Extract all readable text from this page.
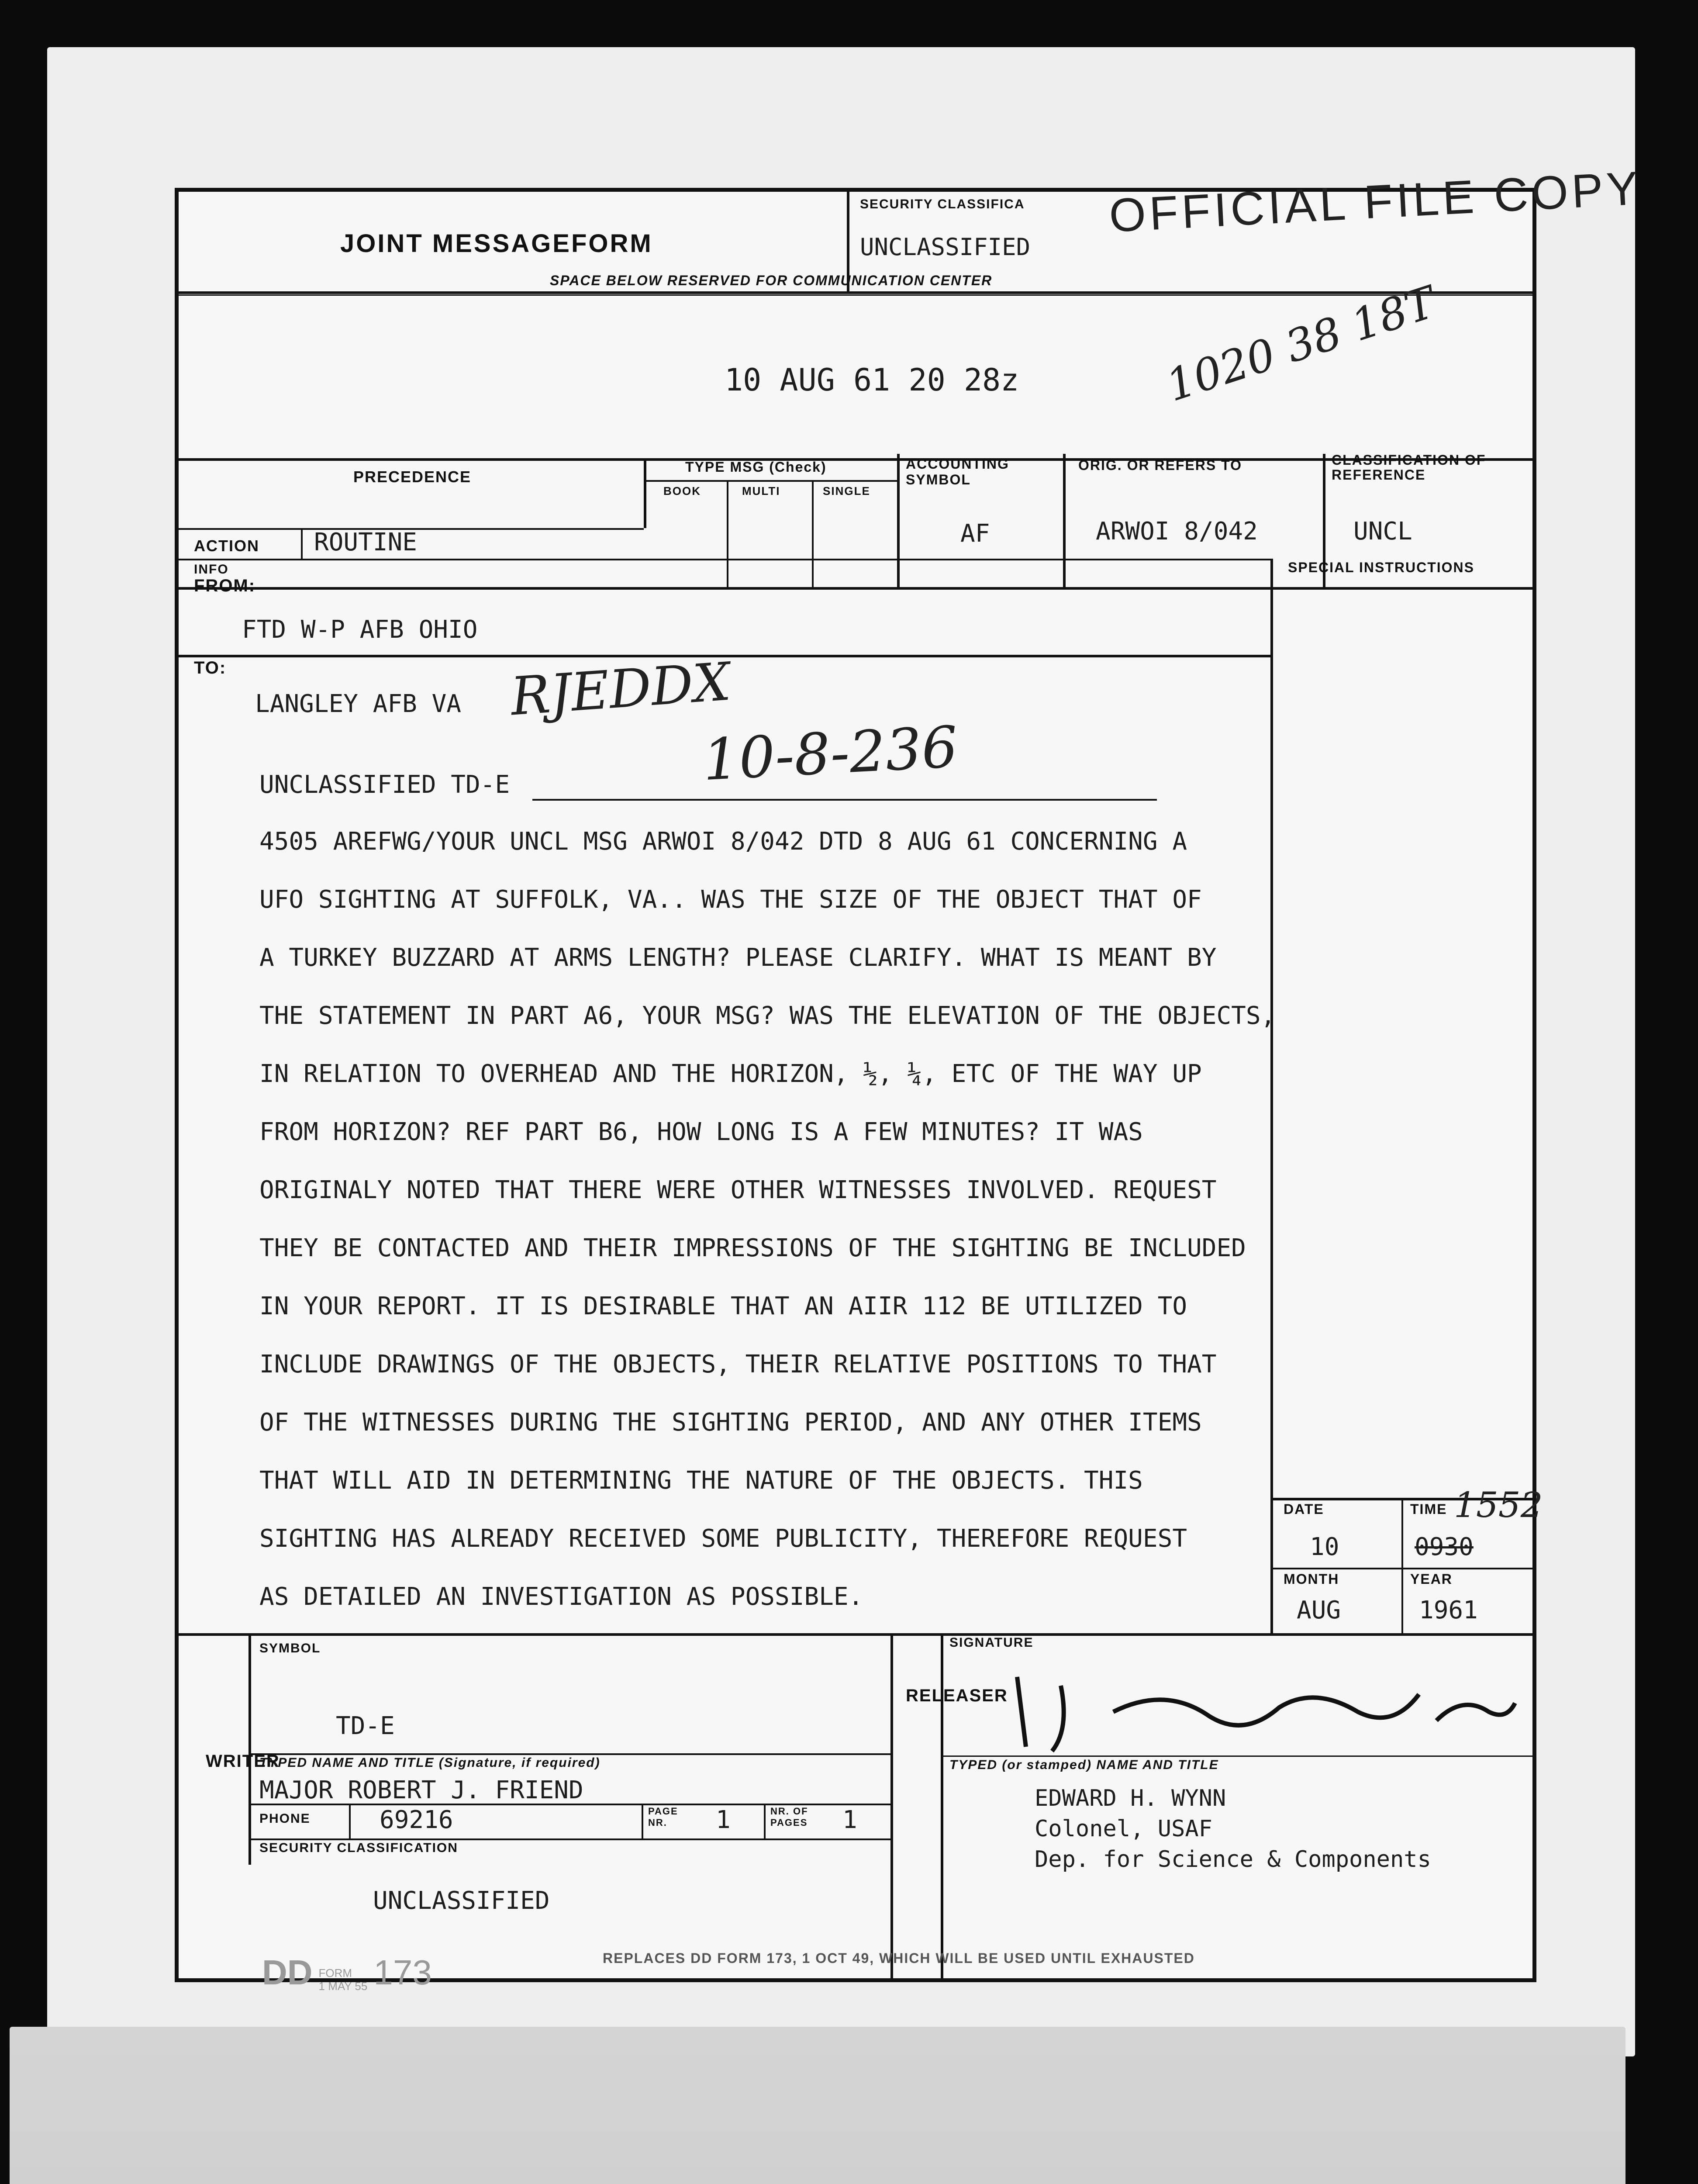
JOINT MESSAGEFORM
SECURITY CLASSIFICA
UNCLASSIFIED
OFFICIAL FILE COPY
SPACE BELOW RESERVED FOR COMMUNICATION CENTER
10 AUG 61 20 28z	1020 38 18T
PRECEDENCE
TYPE MSG (Check)
BOOK	MULTI	SINGLE
ACCOUNTING SYMBOL
AF
ORIG. OR REFERS TO
ARWOI 8/042
CLASSIFICATION OF REFERENCE
UNCL
ACTION ROUTINE
INFO	SPECIAL INSTRUCTIONS
FROM:
FTD W-P AFB OHIO
TO:
LANGLEY AFB VA RJEDDX
10-8-236
UNCLASSIFIED TD-E
4505 AREFWG/YOUR UNCL MSG ARWOI 8/042 DTD 8 AUG 61 CONCERNING A
UFO SIGHTING AT SUFFOLK, VA.. WAS THE SIZE OF THE OBJECT THAT OF
A TURKEY BUZZARD AT ARMS LENGTH? PLEASE CLARIFY. WHAT IS MEANT BY
THE STATEMENT IN PART A6, YOUR MSG? WAS THE ELEVATION OF THE OBJECTS,
IN RELATION TO OVERHEAD AND THE HORIZON, ½, ¼, ETC OF THE WAY UP
FROM HORIZON? REF PART B6, HOW LONG IS A FEW MINUTES? IT WAS
ORIGINALY NOTED THAT THERE WERE OTHER WITNESSES INVOLVED. REQUEST
THEY BE CONTACTED AND THEIR IMPRESSIONS OF THE SIGHTING BE INCLUDED
IN YOUR REPORT. IT IS DESIRABLE THAT AN AIIR 112 BE UTILIZED TO
INCLUDE DRAWINGS OF THE OBJECTS, THEIR RELATIVE POSITIONS TO THAT
OF THE WITNESSES DURING THE SIGHTING PERIOD, AND ANY OTHER ITEMS
THAT WILL AID IN DETERMINING THE NATURE OF THE OBJECTS. THIS
SIGHTING HAS ALREADY RECEIVED SOME PUBLICITY, THEREFORE REQUEST
AS DETAILED AN INVESTIGATION AS POSSIBLE.
DATE
10
TIME
0930
1552
MONTH
AUG
YEAR
1961
WRITER
SYMBOL
TD-E
TYPED NAME AND TITLE (Signature, if required)
MAJOR ROBERT J. FRIEND
PHONE	69216	PAGE NR.	1	NR. OF PAGES	1
SECURITY CLASSIFICATION
UNCLASSIFIED
RELEASER
SIGNATURE
TYPED (or stamped) NAME AND TITLE
EDWARD H. WYNN
Colonel, USAF
Dep. for Science & Components
DD FORM
1 MAY 55 173	REPLACES DD FORM 173, 1 OCT 49, WHICH WILL BE USED UNTIL EXHAUSTED
